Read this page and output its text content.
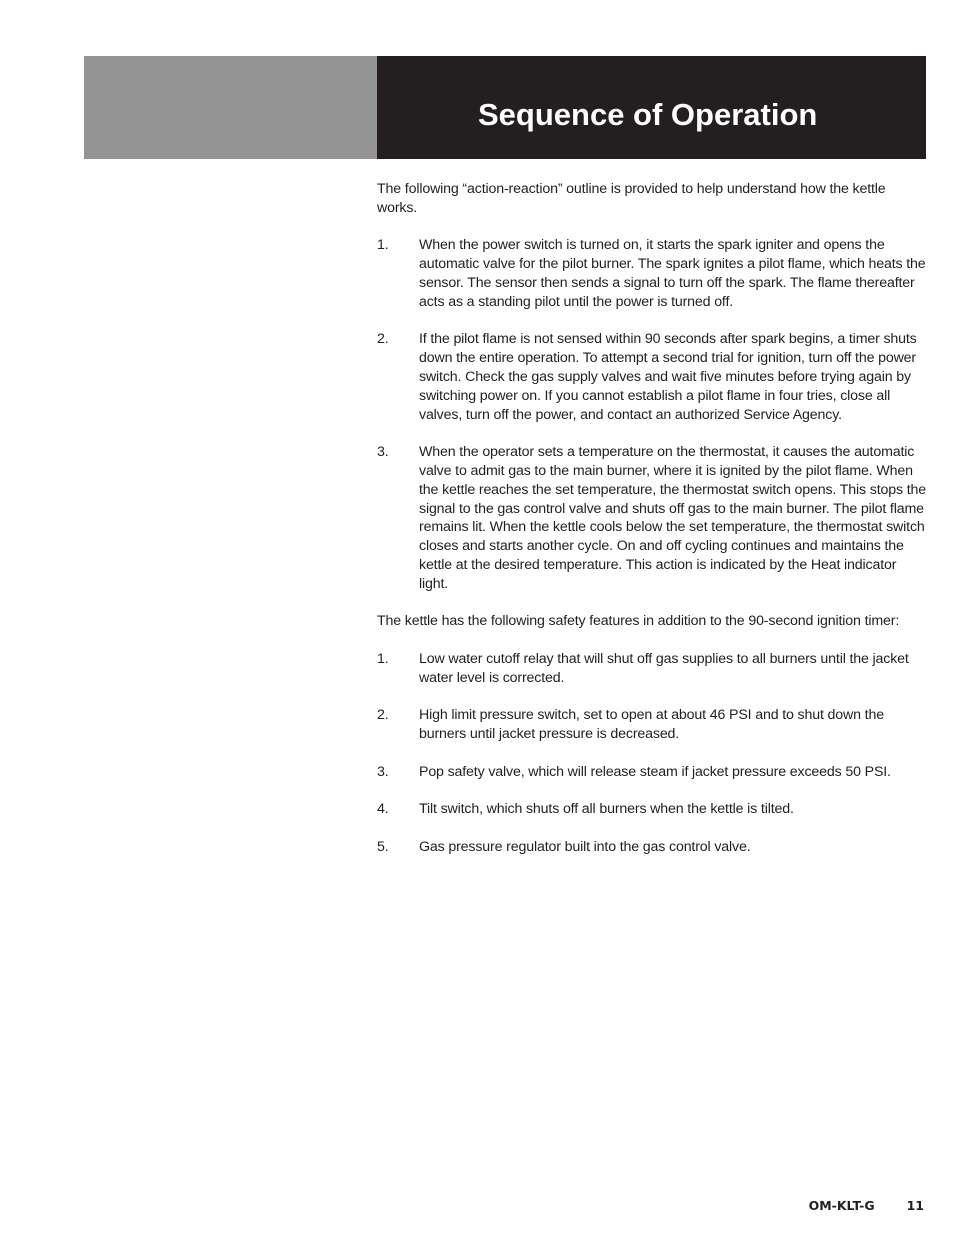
Sequence of Operation

The following “action-reaction” outline is provided to help understand how the kettle works.

1.	When the power switch is turned on, it starts the spark igniter and opens the automatic valve for the pilot burner. The spark ignites a pilot flame, which heats the sensor. The sensor then sends a signal to turn off the spark. The flame thereafter acts as a standing pilot until the power is turned off.
2.	If the pilot flame is not sensed within 90 seconds after spark begins, a timer shuts down the entire operation. To attempt a second trial for ignition, turn off the power switch. Check the gas supply valves and wait five minutes before trying again by switching power on. If you cannot establish a pilot flame in four tries, close all valves, turn off the power, and contact an authorized Service Agency.
3.	When the operator sets a temperature on the thermostat, it causes the automatic valve to admit gas to the main burner, where it is ignited by the pilot flame. When the kettle reaches the set temperature, the thermostat switch opens. This stops the signal to the gas control valve and shuts off gas to the main burner. The pilot flame remains lit. When the kettle cools below the set temperature, the thermostat switch closes and starts another cycle. On and off cycling continues and maintains the kettle at the desired temperature. This action is indicated by the Heat indicator light.

The kettle has the following safety features in addition to the 90-second ignition timer:

1.	Low water cutoff relay that will shut off gas supplies to all burners until the jacket water level is corrected.
2.	High limit pressure switch, set to open at about 46 PSI and to shut down the burners until jacket pressure is decreased.
3.	Pop safety valve, which will release steam if jacket pressure exceeds 50 PSI.
4.	Tilt switch, which shuts off all burners when the kettle is tilted.
5.	Gas pressure regulator built into the gas control valve.
OM-KLT-G	11
